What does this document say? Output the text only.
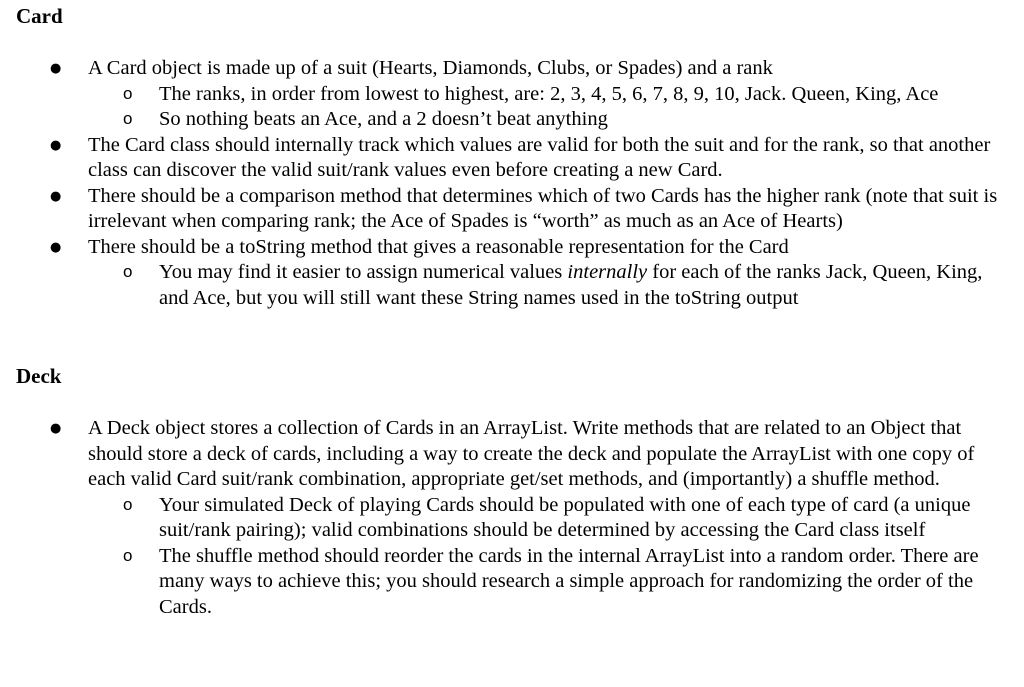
Card
● A Card object is made up of a suit (Hearts, Diamonds, Clubs, or Spades) and a rank
o The ranks, in order from lowest to highest, are: 2, 3, 4, 5, 6, 7, 8, 9, 10, Jack. Queen, King, Ace
o So nothing beats an Ace, and a 2 doesn’t beat anything
● The Card class should internally track which values are valid for both the suit and for the rank, so that another class can discover the valid suit/rank values even before creating a new Card.
● There should be a comparison method that determines which of two Cards has the higher rank (note that suit is irrelevant when comparing rank; the Ace of Spades is “worth” as much as an Ace of Hearts)
● There should be a toString method that gives a reasonable representation for the Card
o You may find it easier to assign numerical values internally for each of the ranks Jack, Queen, King, and Ace, but you will still want these String names used in the toString output
Deck
● A Deck object stores a collection of Cards in an ArrayList. Write methods that are related to an Object that should store a deck of cards, including a way to create the deck and populate the ArrayList with one copy of each valid Card suit/rank combination, appropriate get/set methods, and (importantly) a shuffle method.
o Your simulated Deck of playing Cards should be populated with one of each type of card (a unique suit/rank pairing); valid combinations should be determined by accessing the Card class itself
o The shuffle method should reorder the cards in the internal ArrayList into a random order. There are many ways to achieve this; you should research a simple approach for randomizing the order of the Cards.
